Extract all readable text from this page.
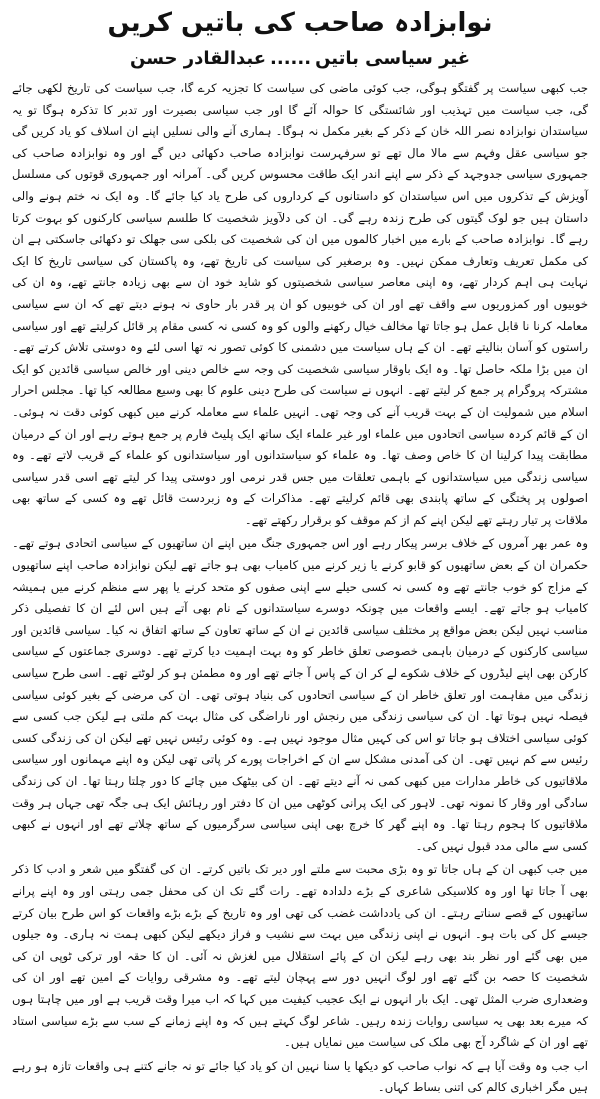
نوابزادہ صاحب کی باتیں کریں
غیر سیاسی باتیں......عبدالقادر حسن

جب کبھی سیاست پر گفتگو ہوگی، جب کوئی ماضی کی سیاست کا تجزیہ کرے گا، جب سیاست کی تاریخ لکھی جائے گی، جب سیاست میں تہذیب اور شائستگی کا حوالہ آئے گا اور جب سیاسی بصیرت اور تدبر کا تذکرہ ہوگا تو یہ سیاستدان نوابزادہ نصر اللہ خان کے ذکر کے بغیر مکمل نہ ہوگا۔ ہماری آنے والی نسلیں اپنے ان اسلاف کو یاد کریں گی جو سیاسی عقل وفہم سے مالا مال تھے تو سرفہرست نوابزادہ صاحب دکھائی دیں گے اور وہ نوابزادہ صاحب کی جمہوری سیاسی جدوجہد کے ذکر سے اپنے اندر ایک طاقت محسوس کریں گی۔ آمرانہ اور جمہوری قوتوں کی مسلسل آویزش کے تذکروں میں اس سیاستدان کو داستانوں کے کرداروں کی طرح یاد کیا جائے گا۔ وہ ایک نہ ختم ہونے والی داستان ہیں جو لوک گیتوں کی طرح زندہ رہے گی۔ ان کی دلآویز شخصیت کا طلسم سیاسی کارکنوں کو بہوت کرتا رہے گا۔ نوابزادہ صاحب کے بارے میں اخبار کالموں میں ان کی شخصیت کی بلکی سی جھلک تو دکھائی جاسکتی ہے ان کی مکمل تعریف وتعارف ممکن نہیں۔ وہ برصغیر کی سیاست کی تاریخ تھے، وہ پاکستان کی سیاسی تاریخ کا ایک نہایت ہی اہم کردار تھے، وہ اپنی معاصر سیاسی شخصیتوں کو شاید خود ان سے بھی زیادہ جانتے تھے، وہ ان کی خوبیوں اور کمزوریوں سے واقف تھے اور ان کی خوبیوں کو ان پر قدر بار حاوی نہ ہونے دیتے تھے کہ ان سے سیاسی معاملہ کرنا نا قابل عمل ہو جاتا تھا مخالف خیال رکھنے والوں کو وہ کسی نہ کسی مقام پر قائل کرلیتے تھے اور سیاسی راستوں کو آسان بنالیتے تھے۔ ان کے ہاں سیاست میں دشمنی کا کوئی تصور نہ تھا اسی لئے وہ دوستی تلاش کرتے تھے۔ ان میں بڑا ملکہ حاصل تھا۔ وہ ایک باوقار سیاسی شخصیت کی وجہ سے خالص دینی اور خالص سیاسی قائدین کو ایک مشترکہ پروگرام پر جمع کر لیتے تھے۔ انہوں نے سیاست کی طرح دینی علوم کا بھی وسیع مطالعہ کیا تھا۔ مجلس احرار اسلام میں شمولیت ان کے بہت قریب آنے کی وجہ تھی۔ انہیں علماء سے معاملہ کرنے میں کبھی کوئی دقت نہ ہوئی۔ ان کے قائم کردہ سیاسی اتحادوں میں علماء اور غیر علماء ایک ساتھ ایک پلیٹ فارم پر جمع ہوتے رہے اور ان کے درمیان مطابقت پیدا کرلینا ان کا خاص وصف تھا۔ وہ علماء کو سیاستدانوں اور سیاستدانوں کو علماء کے قریب لاتے تھے۔ وہ سیاسی زندگی میں سیاستدانوں کے باہمی تعلقات میں جس قدر نرمی اور دوستی پیدا کر لیتے تھے اسی قدر سیاسی اصولوں پر پختگی کے ساتھ پابندی بھی قائم کرلیتے تھے۔ مذاکرات کے وہ زبردست قائل تھے وہ کسی کے ساتھ بھی ملاقات پر تیار رہتے تھے لیکن اپنے کم از کم موقف کو برقرار رکھتے تھے۔

وہ عمر بھر آمروں کے خلاف برسر پیکار رہے اور اس جمہوری جنگ میں اپنے ان ساتھیوں کے سیاسی اتحادی ہوتے تھے۔ حکمران ان کے بعض ساتھیوں کو قابو کرنے یا زیر کرنے میں کامیاب بھی ہو جاتے تھے لیکن نوابزادہ صاحب اپنے ساتھیوں کے مزاج کو خوب جانتے تھے وہ کسی نہ کسی حیلے سے اپنی صفوں کو متحد کرنے یا پھر سے منظم کرنے میں ہمیشہ کامیاب ہو جاتے تھے۔ ایسے واقعات میں چونکہ دوسرے سیاستدانوں کے نام بھی آتے ہیں اس لئے ان کا تفصیلی ذکر مناسب نہیں لیکن بعض مواقع پر مختلف سیاسی قائدین نے ان کے ساتھ تعاون کے ساتھ اتفاق نہ کیا۔ سیاسی قائدین اور سیاسی کارکنوں کے درمیان باہمی خصوصی تعلق خاطر کو وہ بہت اہمیت دیا کرتے تھے۔ دوسری جماعتوں کے سیاسی کارکن بھی اپنے لیڈروں کے خلاف شکوے لے کر ان کے پاس آ جاتے تھے اور وہ مطمئن ہو کر لوٹتے تھے۔ اسی طرح سیاسی زندگی میں مفاہمت اور تعلق خاطر ان کے سیاسی اتحادوں کی بنیاد ہوتی تھی۔ ان کی مرضی کے بغیر کوئی سیاسی فیصلہ نہیں ہوتا تھا۔ ان کی سیاسی زندگی میں رنجش اور ناراضگی کی مثال بہت کم ملتی ہے لیکن جب کسی سے کوئی سیاسی اختلاف ہو جاتا تو اس کی کہیں مثال موجود نہیں ہے۔ وہ کوئی رئیس نہیں تھے لیکن ان کی زندگی کسی رئیس سے کم نہیں تھی۔ ان کی آمدنی مشکل سے ان کے اخراجات پورے کر پاتی تھی لیکن وہ اپنے مہمانوں اور سیاسی ملاقاتیوں کی خاطر مدارات میں کبھی کمی نہ آنے دیتے تھے۔ ان کی بیٹھک میں چائے کا دور چلتا رہتا تھا۔ ان کی زندگی سادگی اور وقار کا نمونہ تھی۔ لاہور کی ایک پرانی کوٹھی میں ان کا دفتر اور رہائش ایک ہی جگہ تھی جہاں ہر وقت ملاقاتیوں کا ہجوم رہتا تھا۔ وہ اپنے گھر کا خرچ بھی اپنی سیاسی سرگرمیوں کے ساتھ چلاتے تھے اور انہوں نے کبھی کسی سے مالی مدد قبول نہیں کی۔

میں جب کبھی ان کے ہاں جاتا تو وہ بڑی محبت سے ملتے اور دیر تک باتیں کرتے۔ ان کی گفتگو میں شعر و ادب کا ذکر بھی آ جاتا تھا اور وہ کلاسیکی شاعری کے بڑے دلدادہ تھے۔ رات گئے تک ان کی محفل جمی رہتی اور وہ اپنے پرانے ساتھیوں کے قصے سناتے رہتے۔ ان کی یادداشت غضب کی تھی اور وہ تاریخ کے بڑے بڑے واقعات کو اس طرح بیان کرتے جیسے کل کی بات ہو۔ انہوں نے اپنی زندگی میں بہت سے نشیب و فراز دیکھے لیکن کبھی ہمت نہ ہاری۔ وہ جیلوں میں بھی گئے اور نظر بند بھی رہے لیکن ان کے پائے استقلال میں لغزش نہ آئی۔ ان کا حقہ اور ترکی ٹوپی ان کی شخصیت کا حصہ بن گئے تھے اور لوگ انہیں دور سے پہچان لیتے تھے۔ وہ مشرقی روایات کے امین تھے اور ان کی وضعداری ضرب المثل تھی۔ ایک بار انہوں نے ایک عجیب کیفیت میں کہا کہ اب میرا وقت قریب ہے اور میں چاہتا ہوں کہ میرے بعد بھی یہ سیاسی روایات زندہ رہیں۔ شاعر لوگ کہتے ہیں کہ وہ اپنے زمانے کے سب سے بڑے سیاسی استاد تھے اور ان کے شاگرد آج بھی ملک کی سیاست میں نمایاں ہیں۔

اب جب وہ وقت آیا ہے کہ نواب صاحب کو دیکھا یا سنا نہیں ان کو یاد کیا جائے تو نہ جانے کتنے ہی واقعات تازہ ہو رہے ہیں مگر اخباری کالم کی اتنی بساط کہاں۔
